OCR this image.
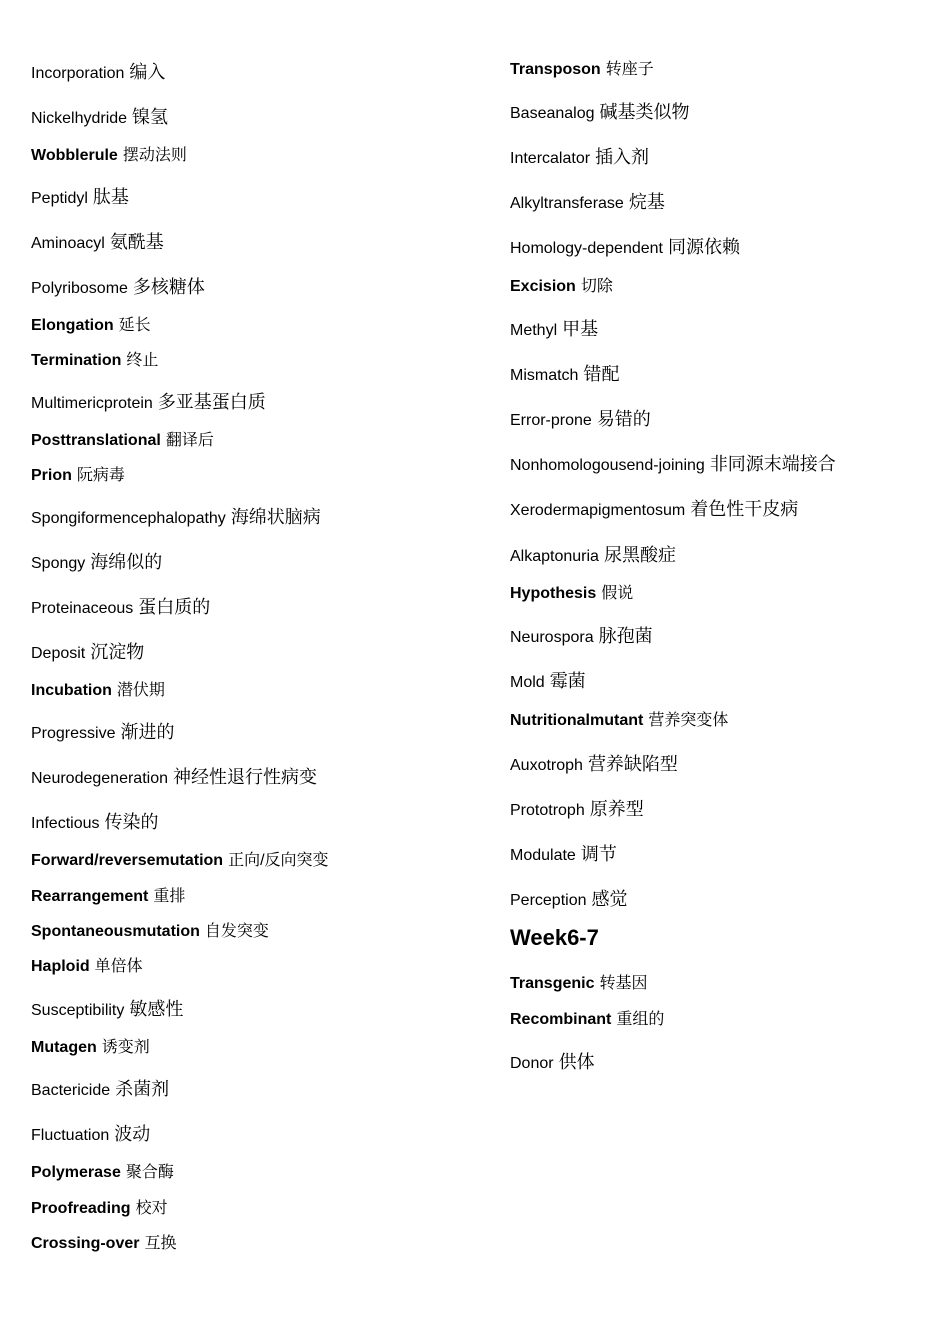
Incorporation 编入
Nickelhydride 镍氢
Wobblerule 摆动法则
Peptidyl 肽基
Aminoacyl 氨酰基
Polyribosome 多核糖体
Elongation 延长
Termination 终止
Multimericprotein 多亚基蛋白质
Posttranslational 翻译后
Prion 阮病毒
Spongiformencephalopathy 海绵状脑病
Spongy 海绵似的
Proteinaceous 蛋白质的
Deposit 沉淀物
Incubation 潜伏期
Progressive 渐进的
Neurodegeneration 神经性退行性病变
Infectious 传染的
Forward/reversemutation 正向/反向突变
Rearrangement 重排
Spontaneousmutation 自发突变
Haploid 单倍体
Susceptibility 敏感性
Mutagen 诱变剂
Bactericide 杀菌剂
Fluctuation 波动
Polymerase 聚合酶
Proofreading 校对
Crossing-over 互换
Transposon 转座子
Baseanalog 碱基类似物
Intercalator 插入剂
Alkyltransferase 烷基
Homology-dependent 同源依赖
Excision 切除
Methyl 甲基
Mismatch 错配
Error-prone 易错的
Nonhomologousend-joining 非同源末端接合
Xerodermapigmentosum 着色性干皮病
Alkaptonuria 尿黑酸症
Hypothesis 假说
Neurospora 脉孢菌
Mold 霉菌
Nutritionalmutant 营养突变体
Auxotroph 营养缺陷型
Prototroph 原养型
Modulate 调节
Perception 感觉
Week6-7
Transgenic 转基因
Recombinant 重组的
Donor 供体
